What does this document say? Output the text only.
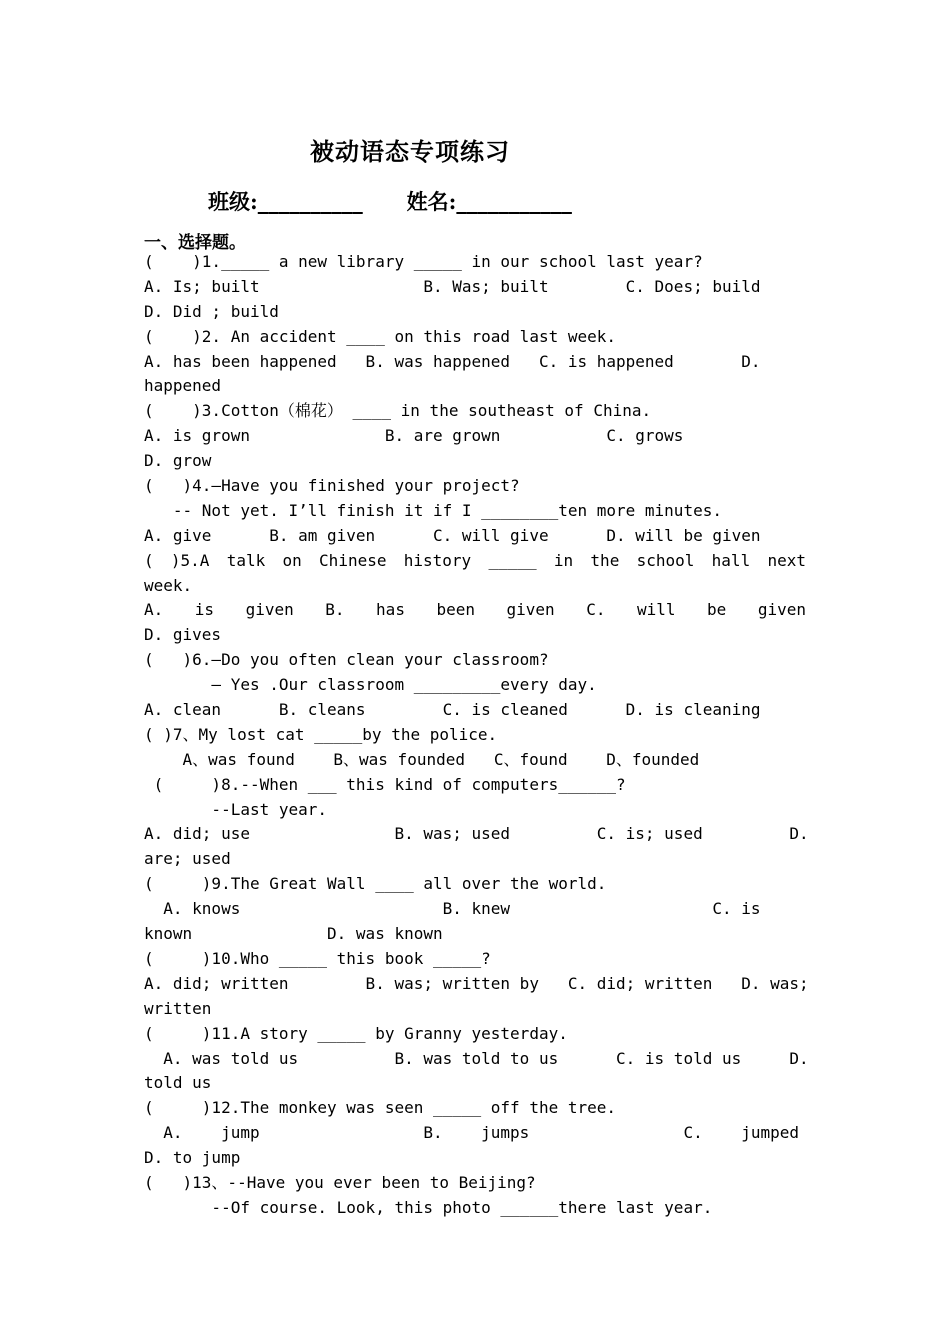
被动语态专项练习
班级:__________      姓名:___________
一、选择题。
(    )1._____ a new library _____ in our school last year?
A. Is; built                 B. Was; built        C. Does; build
D. Did ; build
(    )2. An accident ____ on this road last week.
A. has been happened   B. was happened   C. is happened       D.
happened
(    )3.Cotton（棉花） ____ in the southeast of China.
A. is grown              B. are grown           C. grows
D. grow
(   )4.—Have you finished your project?
-- Not yet. I’ll finish it if I ________ten more minutes.
A. give      B. am given      C. will give      D. will be given
( )5.A talk on Chinese history _____ in the school hall next
week.
A. is given B. has been given C. will be given
D. gives
(   )6.–Do you often clean your classroom?
– Yes .Our classroom _________every day.
A. clean      B. cleans        C. is cleaned      D. is cleaning
( )7、My lost cat _____by the police.
A、was found    B、was founded   C、found    D、founded
(     )8.--When ___ this kind of computers______?
--Last year.
A. did; use               B. was; used         C. is; used         D.
are; used
(     )9.The Great Wall ____ all over the world.
A. knows                     B. knew                     C. is
known              D. was known
(     )10.Who _____ this book _____?
A. did; written        B. was; written by   C. did; written   D. was;
written
(     )11.A story _____ by Granny yesterday.
A. was told us          B. was told to us      C. is told us     D.
told us
(     )12.The monkey was seen _____ off the tree.
A.    jump                 B.    jumps                C.    jumped
D. to jump
(   )13、--Have you ever been to Beijing?
--Of course. Look, this photo ______there last year.
